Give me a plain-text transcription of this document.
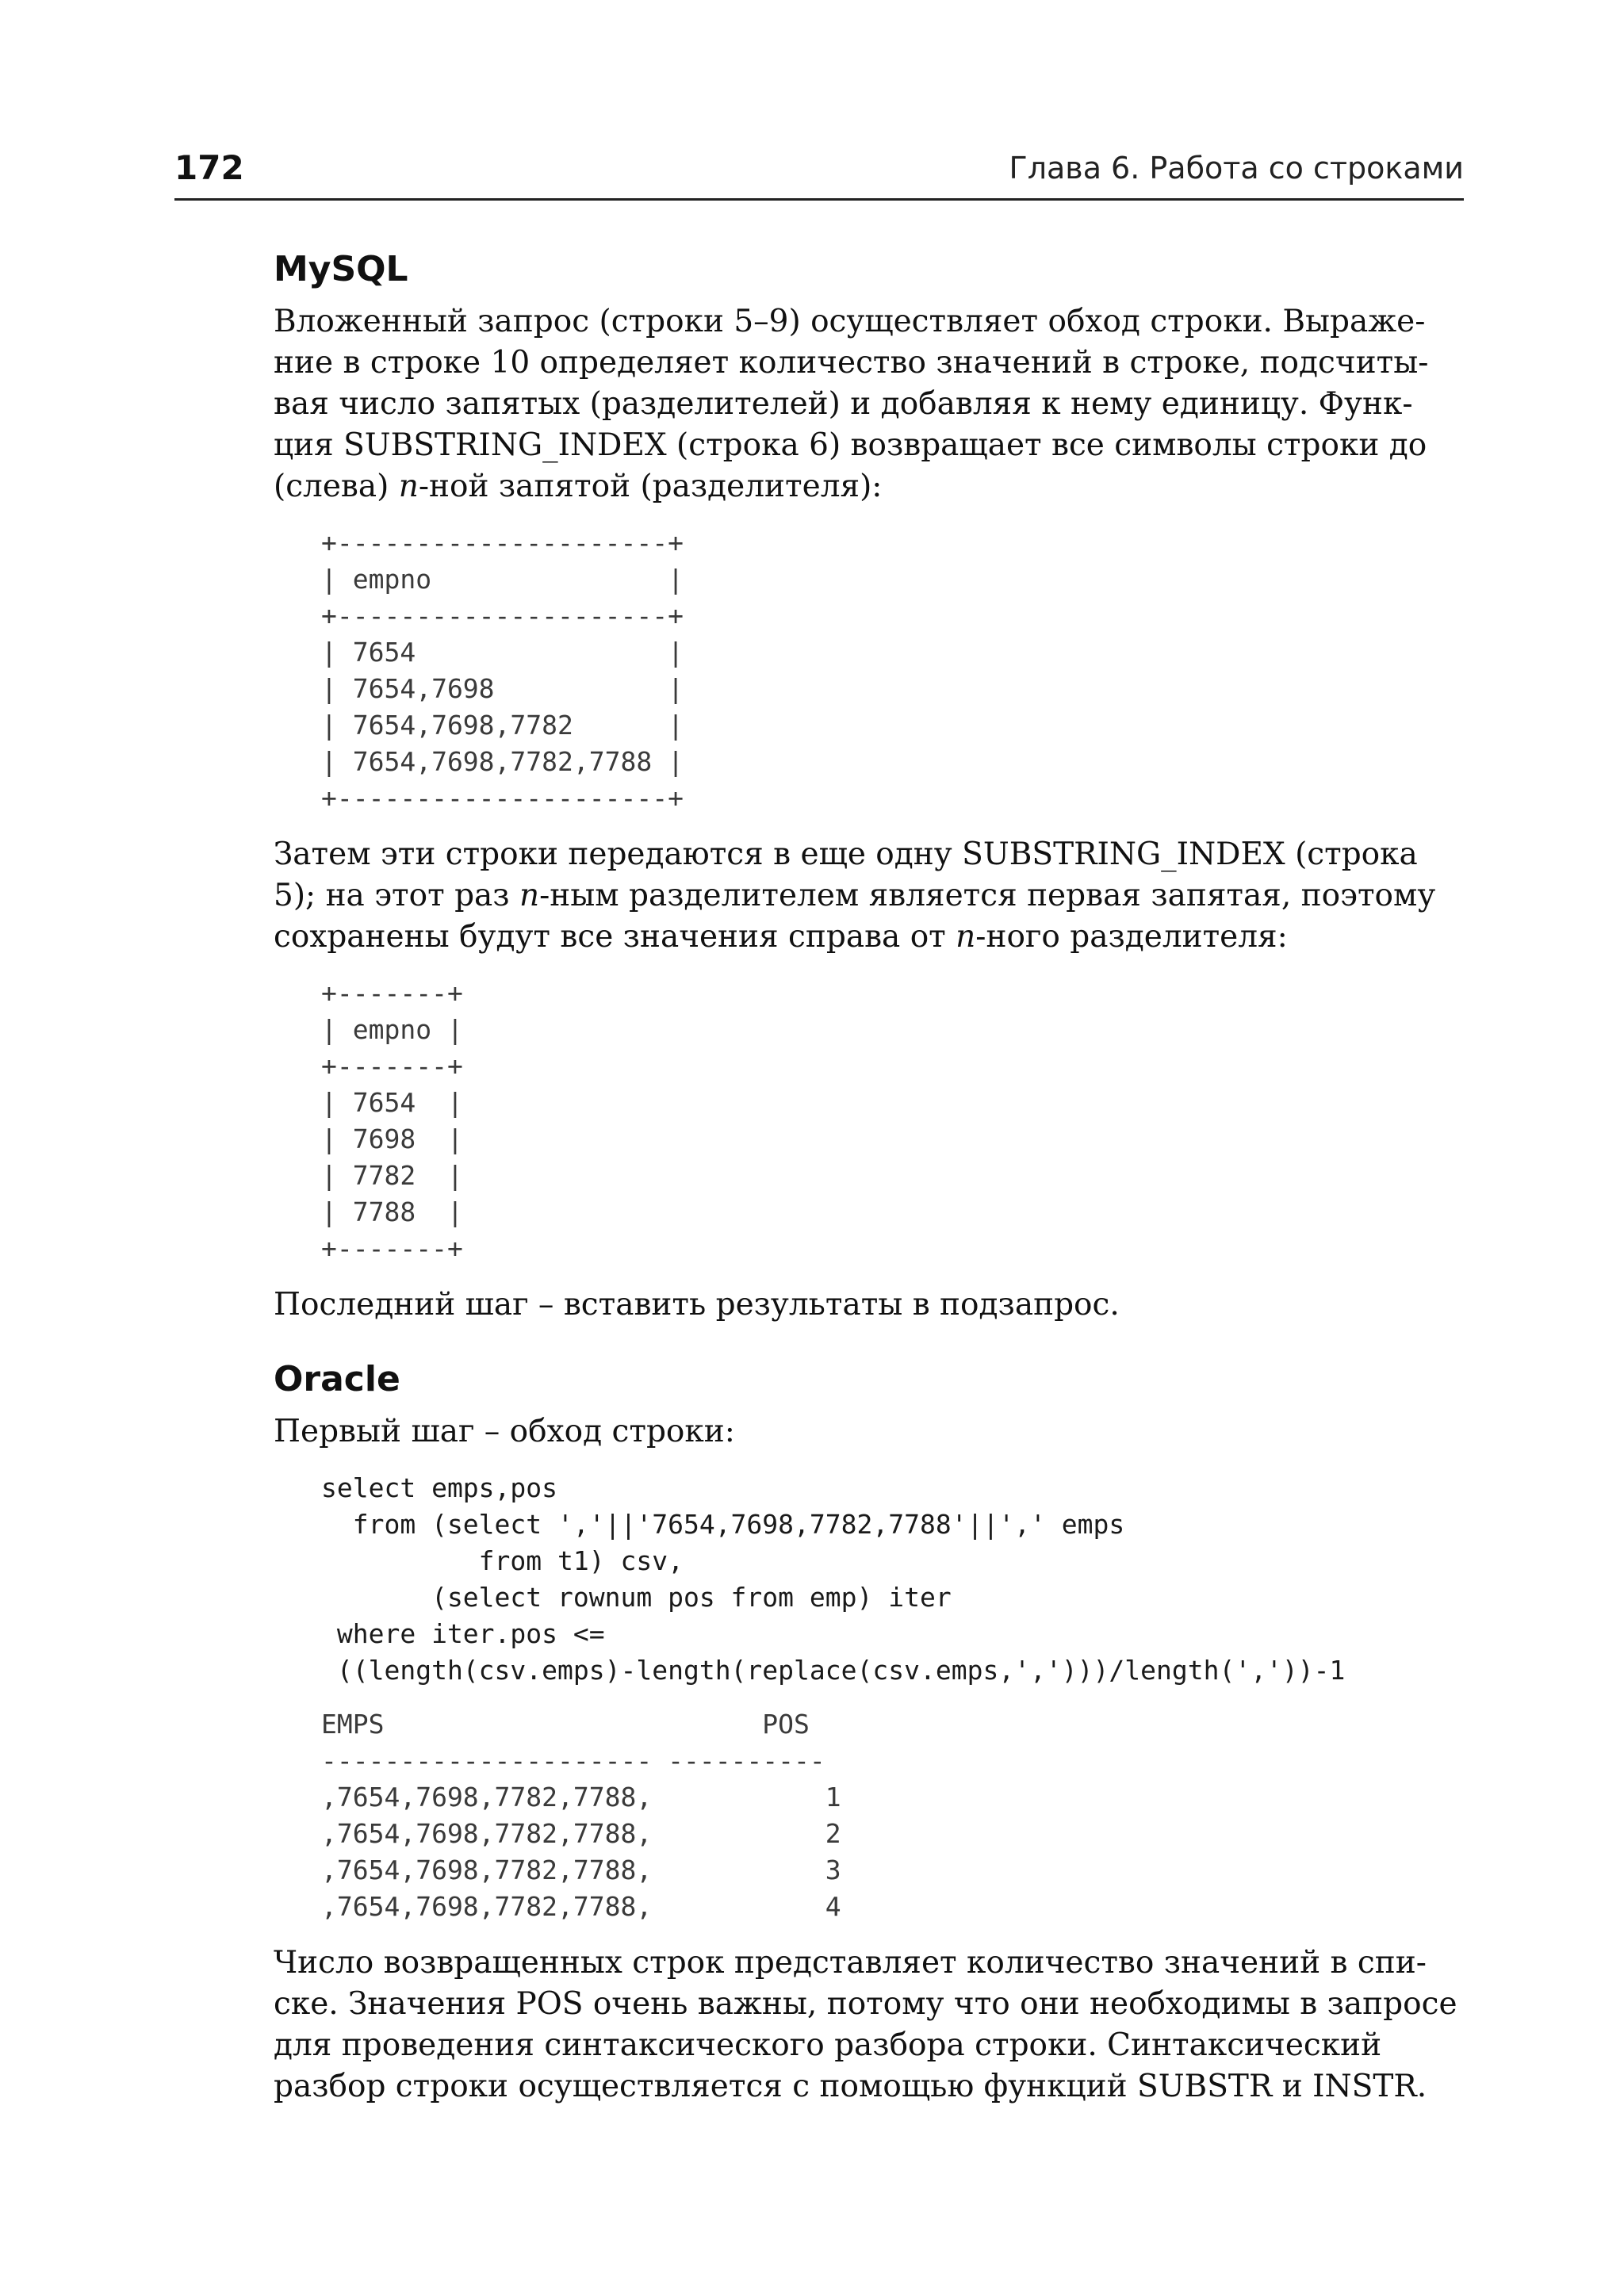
172	Глава 6. Работа со строками
MySQL

Вложенный запрос (строки 5–9) осуществляет обход строки. Выраже-
ние в строке 10 определяет количество значений в строке, подсчиты-
вая число запятых (разделителей) и добавляя к нему единицу. Функ-
ция SUBSTRING_INDEX (строка 6) возвращает все символы строки до
(слева) n-ной запятой (разделителя):

+---------------------+
| empno               |
+---------------------+
| 7654                |
| 7654,7698           |
| 7654,7698,7782      |
| 7654,7698,7782,7788 |
+---------------------+

Затем эти строки передаются в еще одну SUBSTRING_INDEX (строка
5); на этот раз n-ным разделителем является первая запятая, поэтому
сохранены будут все значения справа от n-ного разделителя:

+-------+
| empno |
+-------+
| 7654  |
| 7698  |
| 7782  |
| 7788  |
+-------+

Последний шаг – вставить результаты в подзапрос.

Oracle

Первый шаг – обход строки:

select emps,pos
from (select ','||'7654,7698,7782,7788'||',' emps
from t1) csv,
(select rownum pos from emp) iter
where iter.pos <=
((length(csv.emps)-length(replace(csv.emps,',')))/length(','))-1
EMPS                        POS
--------------------- ----------
,7654,7698,7782,7788,           1
,7654,7698,7782,7788,           2
,7654,7698,7782,7788,           3
,7654,7698,7782,7788,           4

Число возвращенных строк представляет количество значений в спи-
ске. Значения POS очень важны, потому что они необходимы в запросе
для проведения синтаксического разбора строки. Синтаксический
разбор строки осуществляется с помощью функций SUBSTR и INSTR.
